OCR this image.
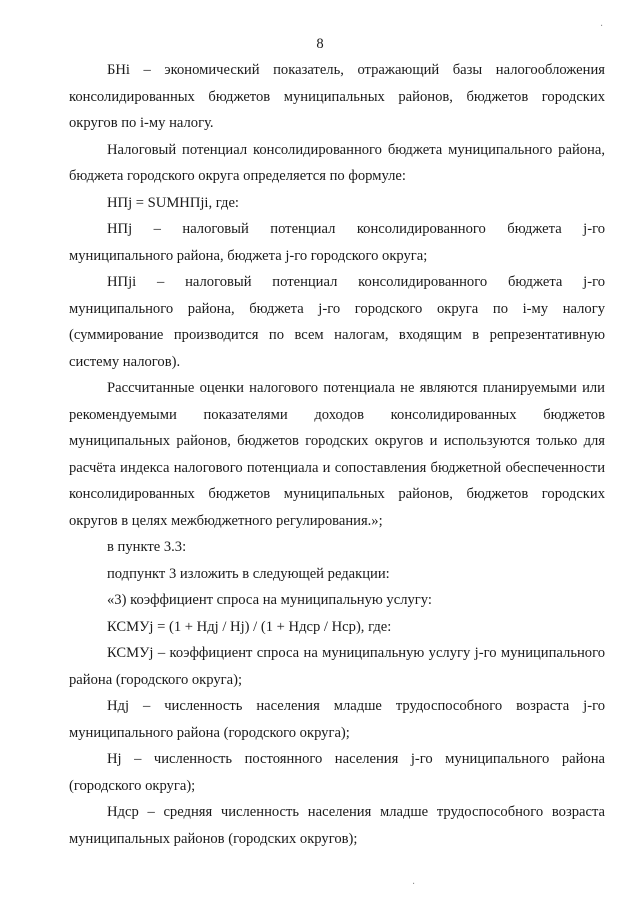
8
·
·

БНi – экономический показатель, отражающий базы налогообложения консолидированных бюджетов муниципальных районов, бюджетов городских округов по i-му налогу.

Налоговый потенциал консолидированного бюджета муниципального района, бюджета городского округа определяется по формуле:

НПj = SUMНПji, где:

НПj – налоговый потенциал консолидированного бюджета j-го муниципального района, бюджета j-го городского округа;

НПji – налоговый потенциал консолидированного бюджета j-го муниципального района, бюджета j-го городского округа по i-му налогу (суммирование производится по всем налогам, входящим в репрезентативную систему налогов).

Рассчитанные оценки налогового потенциала не являются планируемыми или рекомендуемыми показателями доходов консолидированных бюджетов муниципальных районов, бюджетов городских округов и используются только для расчёта индекса налогового потенциала и сопоставления бюджетной обеспеченности консолидированных бюджетов муниципальных районов, бюджетов городских округов в целях межбюджетного регулирования.»;

в пункте 3.3:

подпункт 3 изложить в следующей редакции:

«3) коэффициент спроса на муниципальную услугу:

КСМУj = (1 + Ндj / Нj) / (1 + Ндср / Нср), где:

КСМУj – коэффициент спроса на муниципальную услугу j-го муниципального района (городского округа);

Ндj – численность населения младше трудоспособного возраста j-го муниципального района (городского округа);

Нj – численность постоянного населения j-го муниципального района (городского округа);

Ндср – средняя численность населения младше трудоспособного возраста муниципальных районов (городских округов);
